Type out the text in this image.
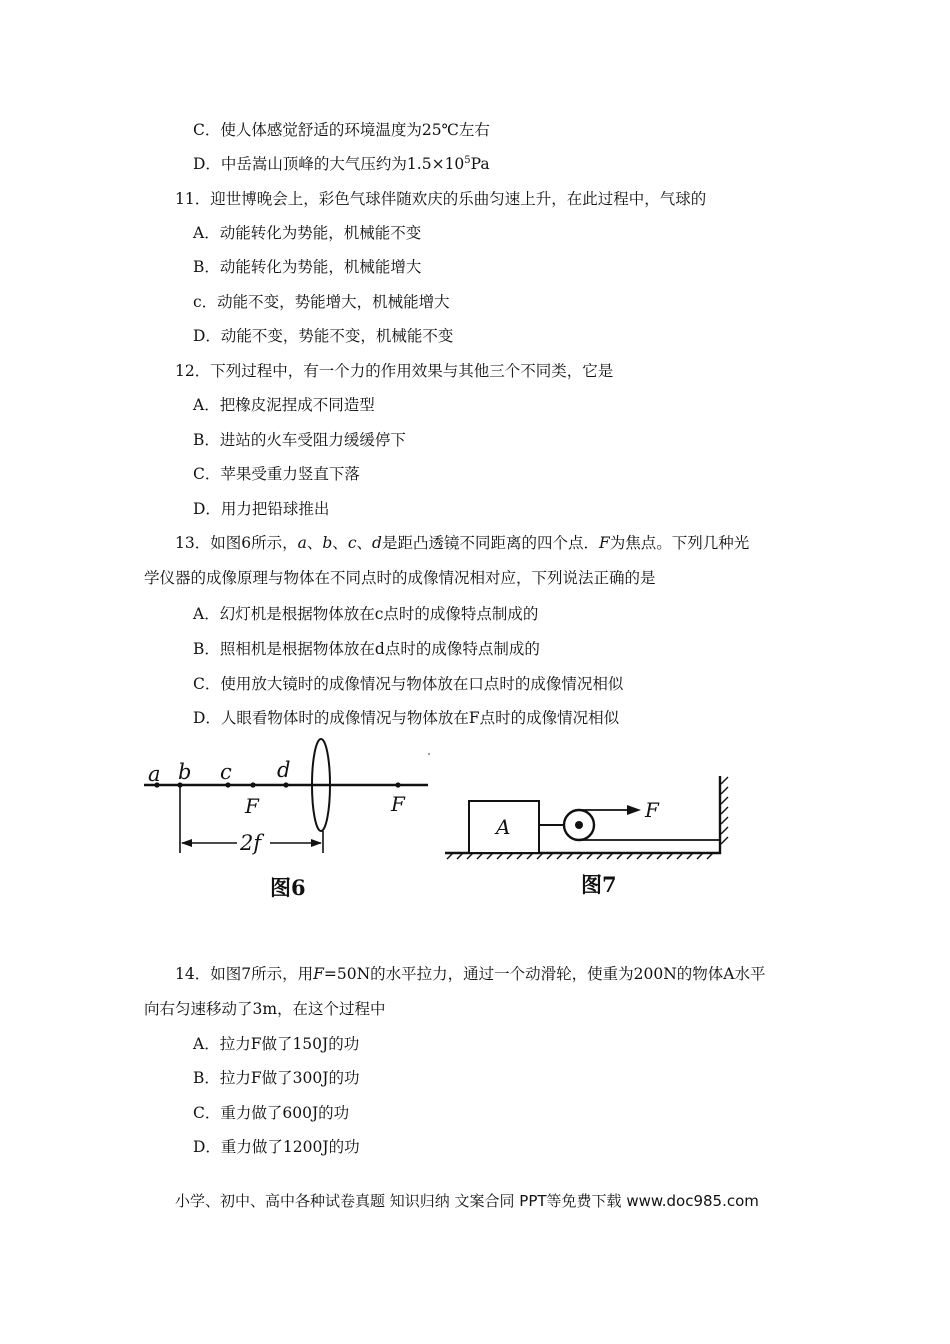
C．使人体感觉舒适的环境温度为25℃左右
D．中岳嵩山顶峰的大气压约为$1.5\times 10^5Pa$
11．迎世博晚会上，彩色气球伴随欢庆的乐曲匀速上升，在此过程中，气球的
A．动能转化为势能，机械能不变
B．动能转化为势能，机械能增大
c．动能不变，势能增大，机械能增大
D．动能不变，势能不变，机械能不变
12．下列过程中，有一个力的作用效果与其他三个不同类，它是
A．把橡皮泥捏成不同造型
B．进站的火车受阻力缓缓停下
C．苹果受重力竖直下落
D．用力把铅球推出
13．如图6所示，a、b、c、d是距凸透镜不同距离的四个点．F为焦点。下列几种光
学仪器的成像原理与物体在不同点时的成像情况相对应，下列说法正确的是
A．幻灯机是根据物体放在c点时的成像特点制成的
B．照相机是根据物体放在d点时的成像特点制成的
C．使用放大镜时的成像情况与物体放在口点时的成像情况相似
D．人眼看物体时的成像情况与物体放在F点时的成像情况相似
a b c d
F	F
2f
图6
A
F
图7
14．如图7所示，用F=50N的水平拉力，通过一个动滑轮，使重为200N的物体A水平
向右匀速移动了3m，在这个过程中
A．拉力F做了150J的功
B．拉力F做了300J的功
C．重力做了600J的功
D．重力做了1200J的功
小学、初中、高中各种试卷真题 知识归纳 文案合同 PPT等免费下载 www.doc985.com
